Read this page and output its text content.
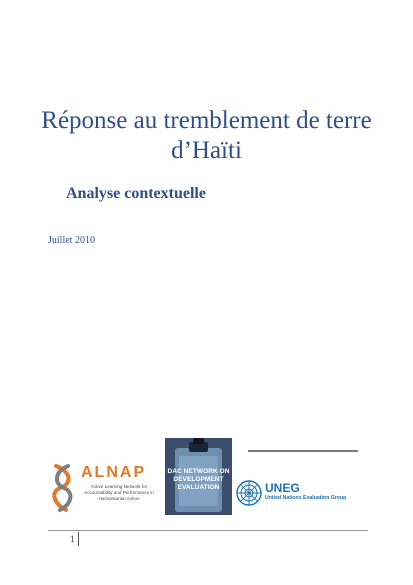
Réponse au tremblement de terre d’Haïti
Analyse contextuelle
Juillet 2010
ALNAP
Active Learning Network for Accountability and Performance in Humanitarian Action
DAC NETWORK ON DEVELOPMENT EVALUATION	UNEG
United Nations Evaluation Group
1
